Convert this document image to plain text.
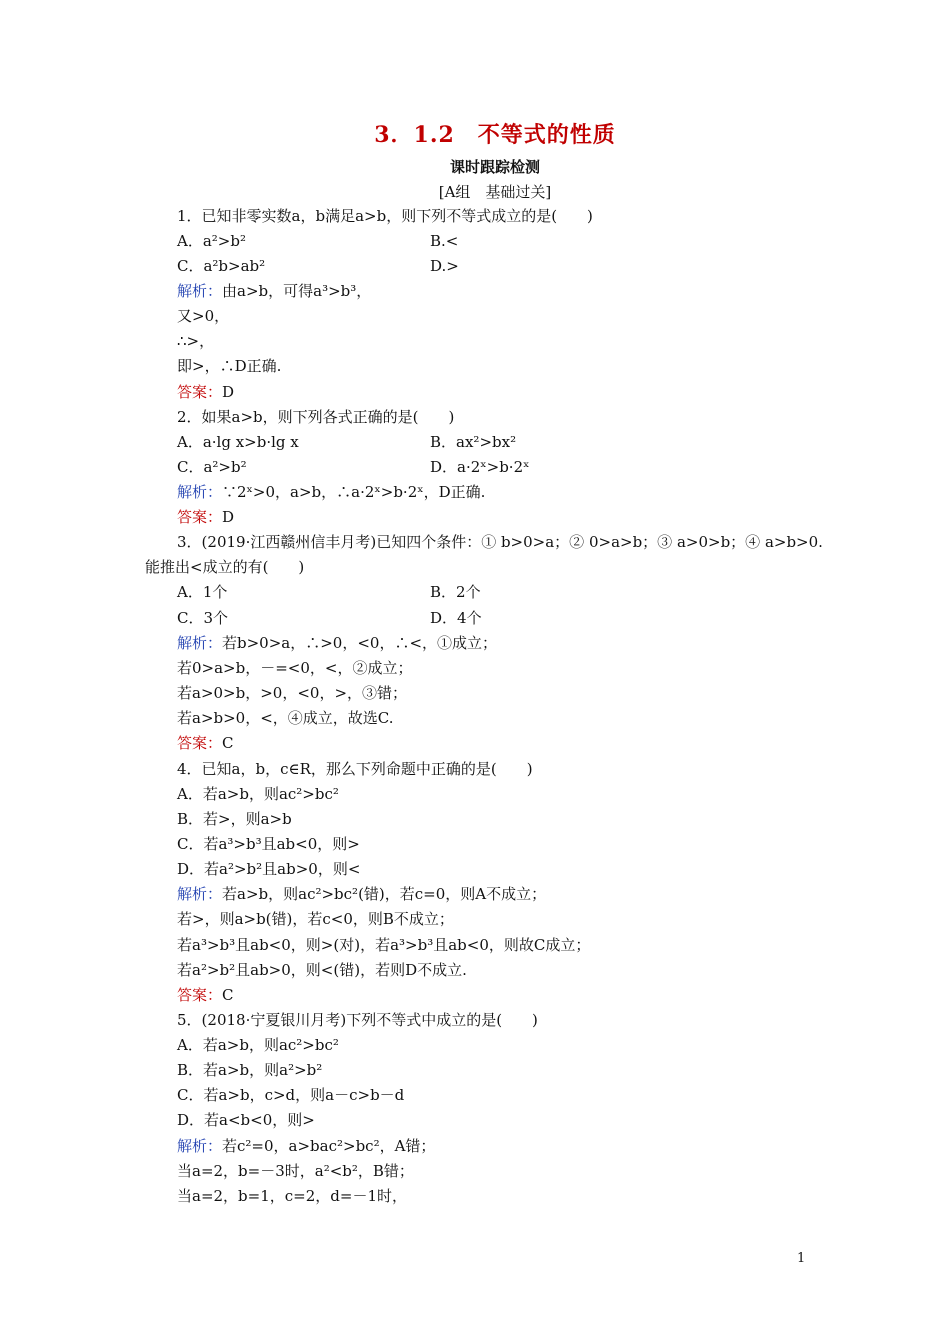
3．1.2　不等式的性质
课时跟踪检测
[A组　基础过关]
1．已知非零实数a，b满足a>b，则下列不等式成立的是(　　)
A．a²>b²	B.<
C．a²b>ab²	D.>
解析：由a>b，可得a³>b³，
又>0，
∴>，
即>，∴D正确.
答案：D
2．如果a>b，则下列各式正确的是(　　)
A．a·lg x>b·lg x	B．ax²>bx²
C．a²>b²	D．a·2ˣ>b·2ˣ
解析：∵2ˣ>0，a>b，∴a·2ˣ>b·2ˣ，D正确.
答案：D
3．(2019·江西赣州信丰月考)已知四个条件：① b>0>a；② 0>a>b；③ a>0>b；④ a>b>0.
能推出<成立的有(　　)
A．1个	B．2个
C．3个	D．4个
解析：若b>0>a，∴>0，<0，∴<，①成立；
若0>a>b，－=<0，<，②成立；
若a>0>b，>0，<0，>，③错；
若a>b>0，<，④成立，故选C.
答案：C
4．已知a，b，c∈R，那么下列命题中正确的是(　　)
A．若a>b，则ac²>bc²
B．若>，则a>b
C．若a³>b³且ab<0，则>
D．若a²>b²且ab>0，则<
解析：若a>b，则ac²>bc²(错)，若c=0，则A不成立；
若>，则a>b(错)，若c<0，则B不成立；
若a³>b³且ab<0，则>(对)，若a³>b³且ab<0，则故C成立；
若a²>b²且ab>0，则<(错)，若则D不成立.
答案：C
5．(2018·宁夏银川月考)下列不等式中成立的是(　　)
A．若a>b，则ac²>bc²
B．若a>b，则a²>b²
C．若a>b，c>d，则a－c>b－d
D．若a<b<0，则>
解析：若c²=0，a>bac²>bc²，A错；
当a=2，b=－3时，a²<b²，B错；
当a=2，b=1，c=2，d=－1时，
1
